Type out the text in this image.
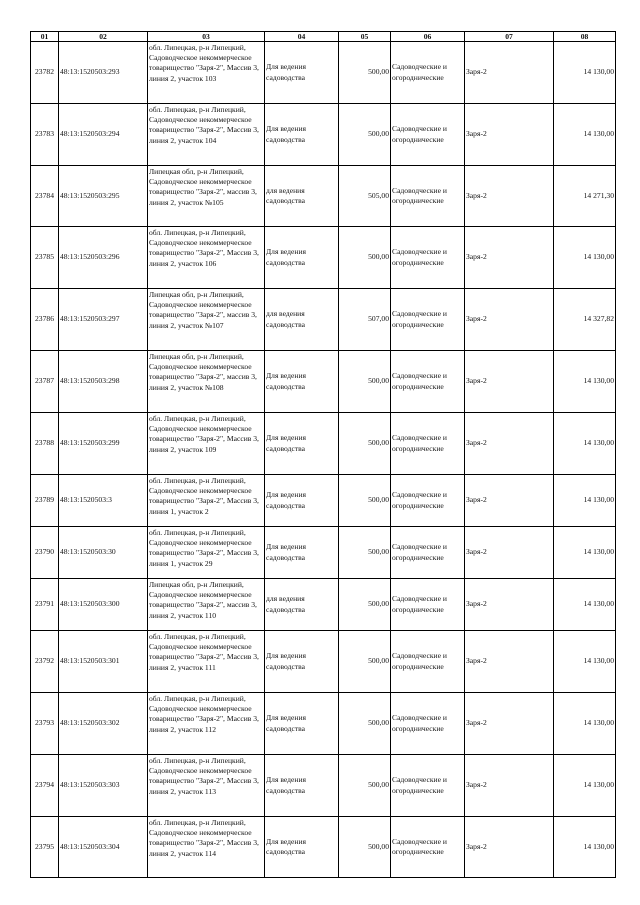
01	02	03	04	05	06	07	08
23782	48:13:1520503:293	обл. Липецкая, р-н Липецкий, Садоводческое некоммерческое товарищество "Заря-2", Массив 3, линия 2, участок 103	Для ведения садоводства	500,00	Садоводческие и огороднические	Заря-2	14 130,00
23783	48:13:1520503:294	обл. Липецкая, р-н Липецкий, Садоводческое некоммерческое товарищество "Заря-2", Массив 3, линия 2, участок 104	Для ведения садоводства	500,00	Садоводческие и огороднические	Заря-2	14 130,00
23784	48:13:1520503:295	Липецкая обл, р-н Липецкий, Садоводческое некоммерческое товарищество "Заря-2", массив 3, линия 2, участок №105	для ведения садоводства	505,00	Садоводческие и огороднические	Заря-2	14 271,30
23785	48:13:1520503:296	обл. Липецкая, р-н Липецкий, Садоводческое некоммерческое товарищество "Заря-2", Массив 3, линия 2, участок 106	Для ведения садоводства	500,00	Садоводческие и огороднические	Заря-2	14 130,00
23786	48:13:1520503:297	Липецкая обл, р-н Липецкий, Садоводческое некоммерческое товарищество "Заря-2", массив 3, линия 2, участок №107	для ведения садоводства	507,00	Садоводческие и огороднические	Заря-2	14 327,82
23787	48:13:1520503:298	Липецкая обл, р-н Липецкий, Садоводческое некоммерческое товарищество "Заря-2", массив 3, линия 2, участок №108	Для ведения садоводства	500,00	Садоводческие и огороднические	Заря-2	14 130,00
23788	48:13:1520503:299	обл. Липецкая, р-н Липецкий, Садоводческое некоммерческое товарищество "Заря-2", Массив 3, линия 2, участок 109	Для ведения садоводства	500,00	Садоводческие и огороднические	Заря-2	14 130,00
23789	48:13:1520503:3	обл. Липецкая, р-н Липецкий, Садоводческое некоммерческое товарищество "Заря-2", Массив 3, линия 1, участок 2	Для ведения садоводства	500,00	Садоводческие и огороднические	Заря-2	14 130,00
23790	48:13:1520503:30	обл. Липецкая, р-н Липецкий, Садоводческое некоммерческое товарищество "Заря-2", Массив 3, линия 1, участок 29	Для ведения садоводства	500,00	Садоводческие и огороднические	Заря-2	14 130,00
23791	48:13:1520503:300	Липецкая обл, р-н Липецкий, Садоводческое некоммерческое товарищество "Заря-2", массив 3, линия 2, участок 110	для ведения садоводства	500,00	Садоводческие и огороднические	Заря-2	14 130,00
23792	48:13:1520503:301	обл. Липецкая, р-н Липецкий, Садоводческое некоммерческое товарищество "Заря-2", Массив 3, линия 2, участок 111	Для ведения садоводства	500,00	Садоводческие и огороднические	Заря-2	14 130,00
23793	48:13:1520503:302	обл. Липецкая, р-н Липецкий, Садоводческое некоммерческое товарищество "Заря-2", Массив 3, линия 2, участок 112	Для ведения садоводства	500,00	Садоводческие и огороднические	Заря-2	14 130,00
23794	48:13:1520503:303	обл. Липецкая, р-н Липецкий, Садоводческое некоммерческое товарищество "Заря-2", Массив 3, линия 2, участок 113	Для ведения садоводства	500,00	Садоводческие и огороднические	Заря-2	14 130,00
23795	48:13:1520503:304	обл. Липецкая, р-н Липецкий, Садоводческое некоммерческое товарищество "Заря-2", Массив 3, линия 2, участок 114	Для ведения садоводства	500,00	Садоводческие и огороднические	Заря-2	14 130,00
